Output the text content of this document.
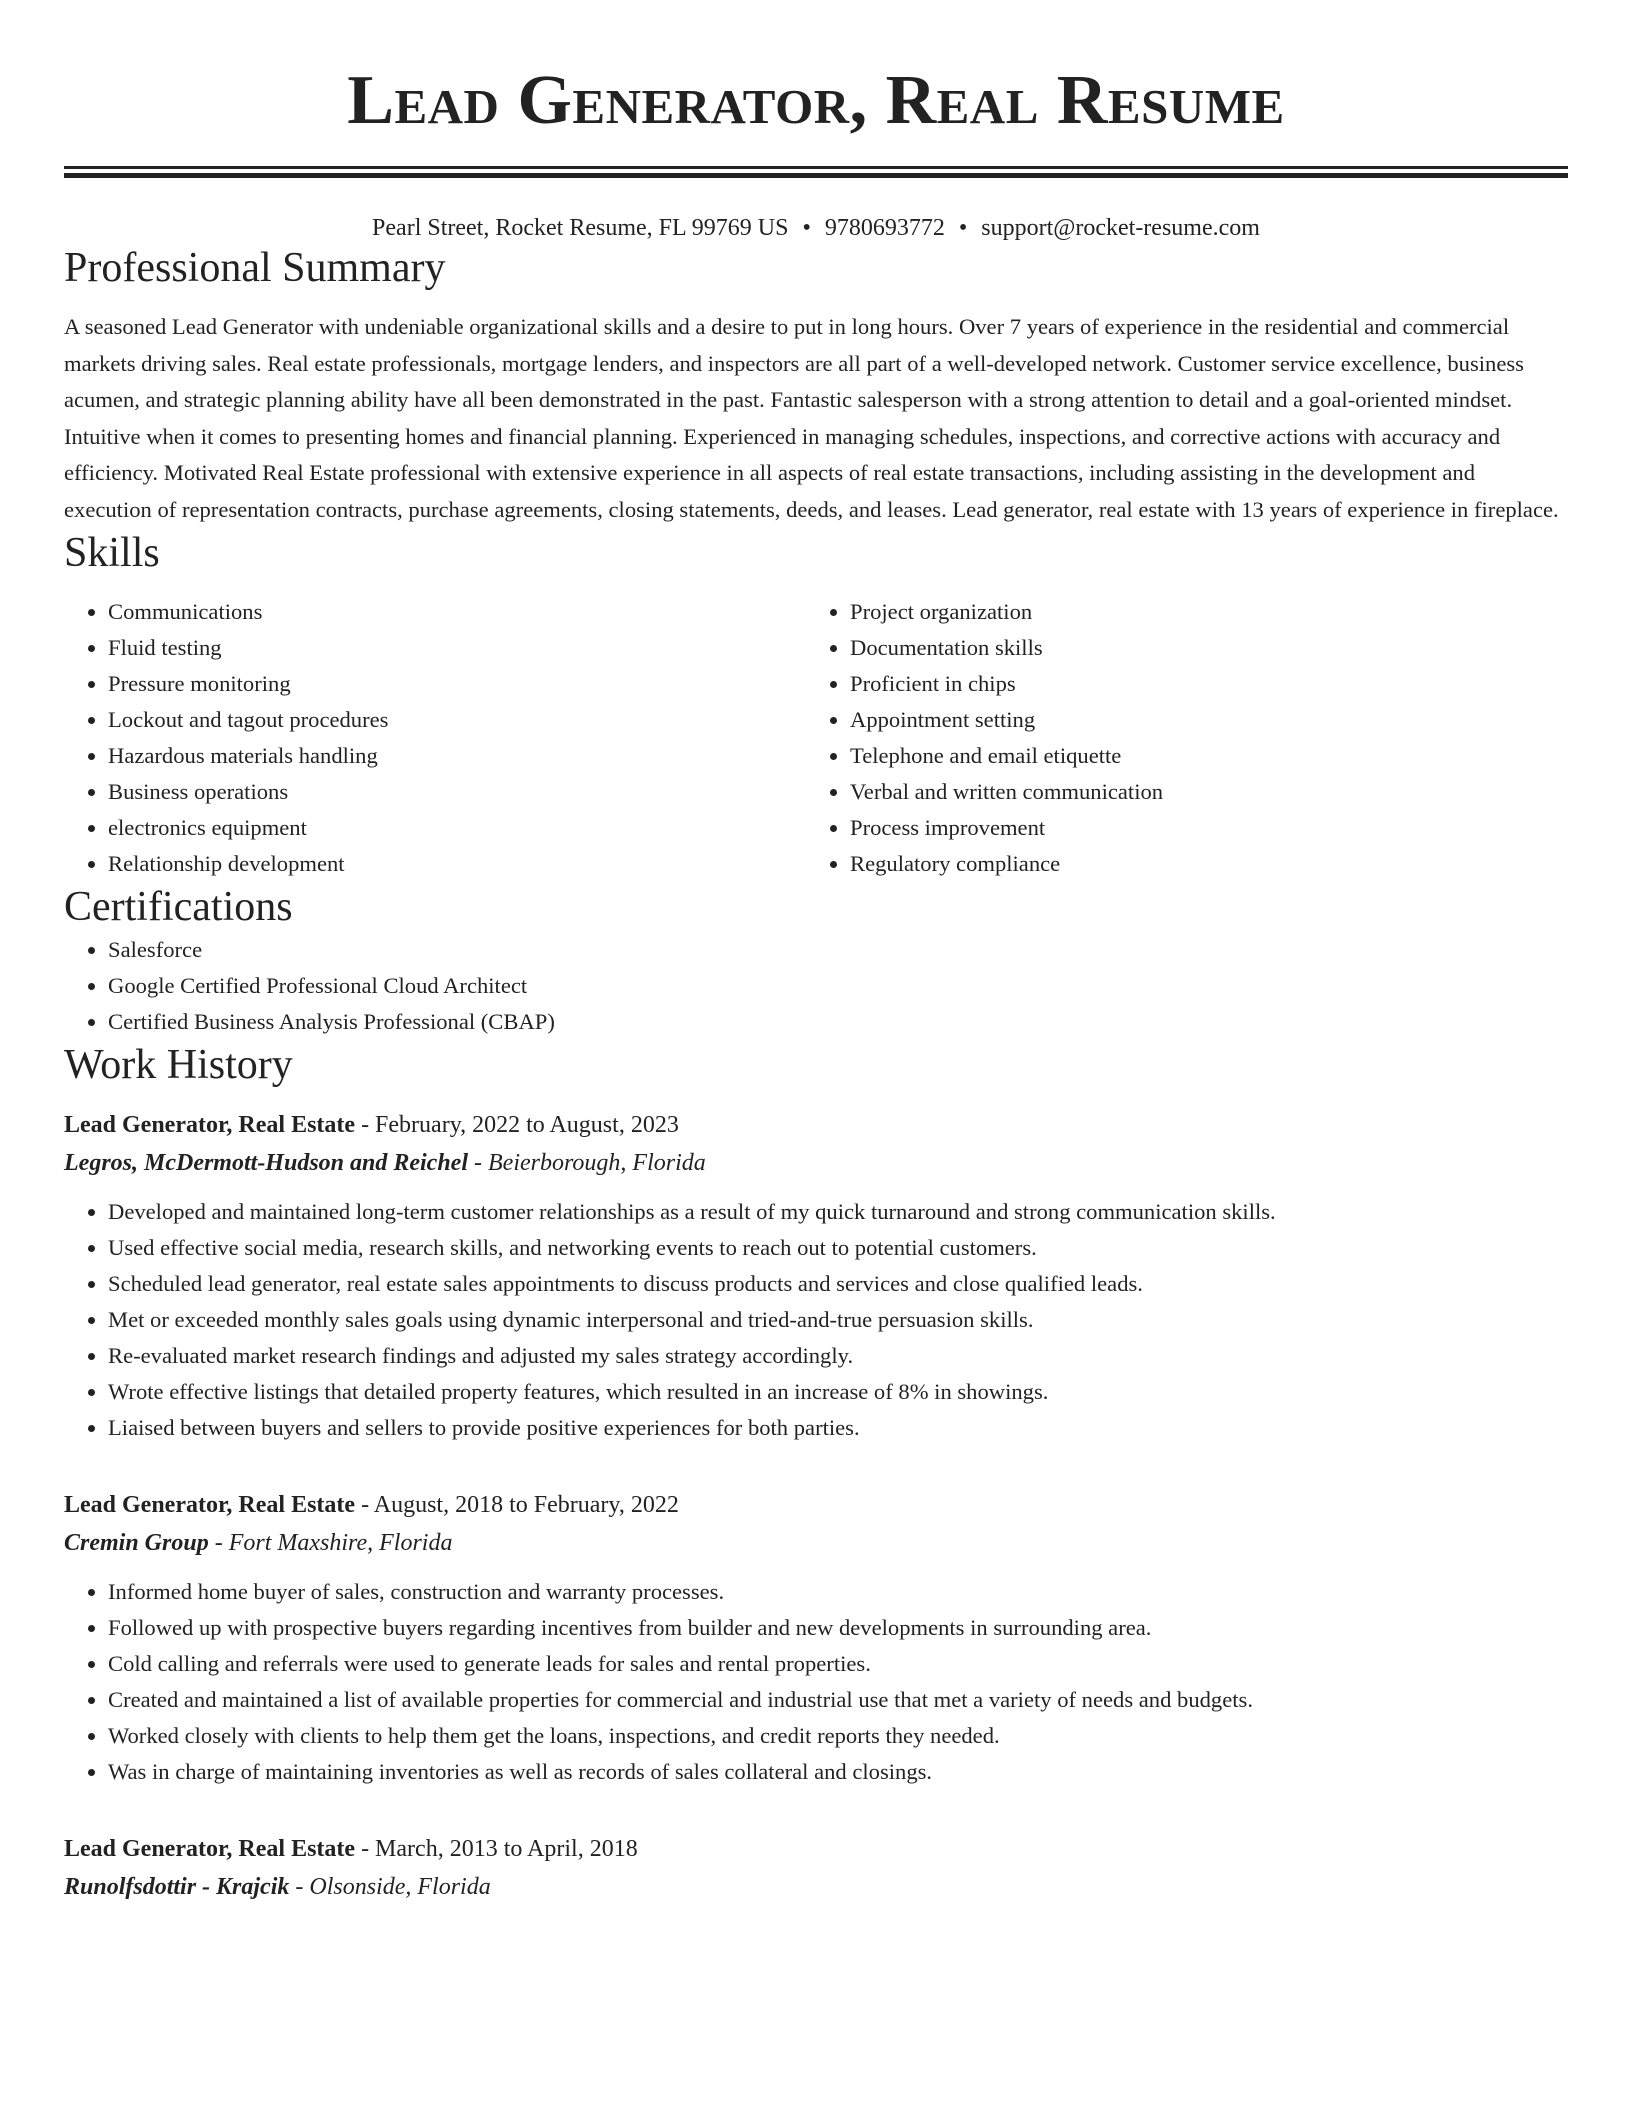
Lead Generator, Real Resume
Pearl Street, Rocket Resume, FL 99769 US • 9780693772 • support@rocket-resume.com
Professional Summary

A seasoned Lead Generator with undeniable organizational skills and a desire to put in long hours. Over 7 years of experience in the residential and commercial markets driving sales. Real estate professionals, mortgage lenders, and inspectors are all part of a well-developed network. Customer service excellence, business acumen, and strategic planning ability have all been demonstrated in the past. Fantastic salesperson with a strong attention to detail and a goal-oriented mindset. Intuitive when it comes to presenting homes and financial planning. Experienced in managing schedules, inspections, and corrective actions with accuracy and efficiency. Motivated Real Estate professional with extensive experience in all aspects of real estate transactions, including assisting in the development and execution of representation contracts, purchase agreements, closing statements, deeds, and leases. Lead generator, real estate with 13 years of experience in fireplace.

Skills
• Communications
• Fluid testing
• Pressure monitoring
• Lockout and tagout procedures
• Hazardous materials handling
• Business operations
• electronics equipment
• Relationship development
• Project organization
• Documentation skills
• Proficient in chips
• Appointment setting
• Telephone and email etiquette
• Verbal and written communication
• Process improvement
• Regulatory compliance
Certifications
• Salesforce
• Google Certified Professional Cloud Architect
• Certified Business Analysis Professional (CBAP)
Work History
Lead Generator, Real Estate - February, 2022 to August, 2023
Legros, McDermott-Hudson and Reichel - Beierborough, Florida
• Developed and maintained long-term customer relationships as a result of my quick turnaround and strong communication skills.
• Used effective social media, research skills, and networking events to reach out to potential customers.
• Scheduled lead generator, real estate sales appointments to discuss products and services and close qualified leads.
• Met or exceeded monthly sales goals using dynamic interpersonal and tried-and-true persuasion skills.
• Re-evaluated market research findings and adjusted my sales strategy accordingly.
• Wrote effective listings that detailed property features, which resulted in an increase of 8% in showings.
• Liaised between buyers and sellers to provide positive experiences for both parties.
Lead Generator, Real Estate - August, 2018 to February, 2022
Cremin Group - Fort Maxshire, Florida
• Informed home buyer of sales, construction and warranty processes.
• Followed up with prospective buyers regarding incentives from builder and new developments in surrounding area.
• Cold calling and referrals were used to generate leads for sales and rental properties.
• Created and maintained a list of available properties for commercial and industrial use that met a variety of needs and budgets.
• Worked closely with clients to help them get the loans, inspections, and credit reports they needed.
• Was in charge of maintaining inventories as well as records of sales collateral and closings.
Lead Generator, Real Estate - March, 2013 to April, 2018
Runolfsdottir - Krajcik - Olsonside, Florida
